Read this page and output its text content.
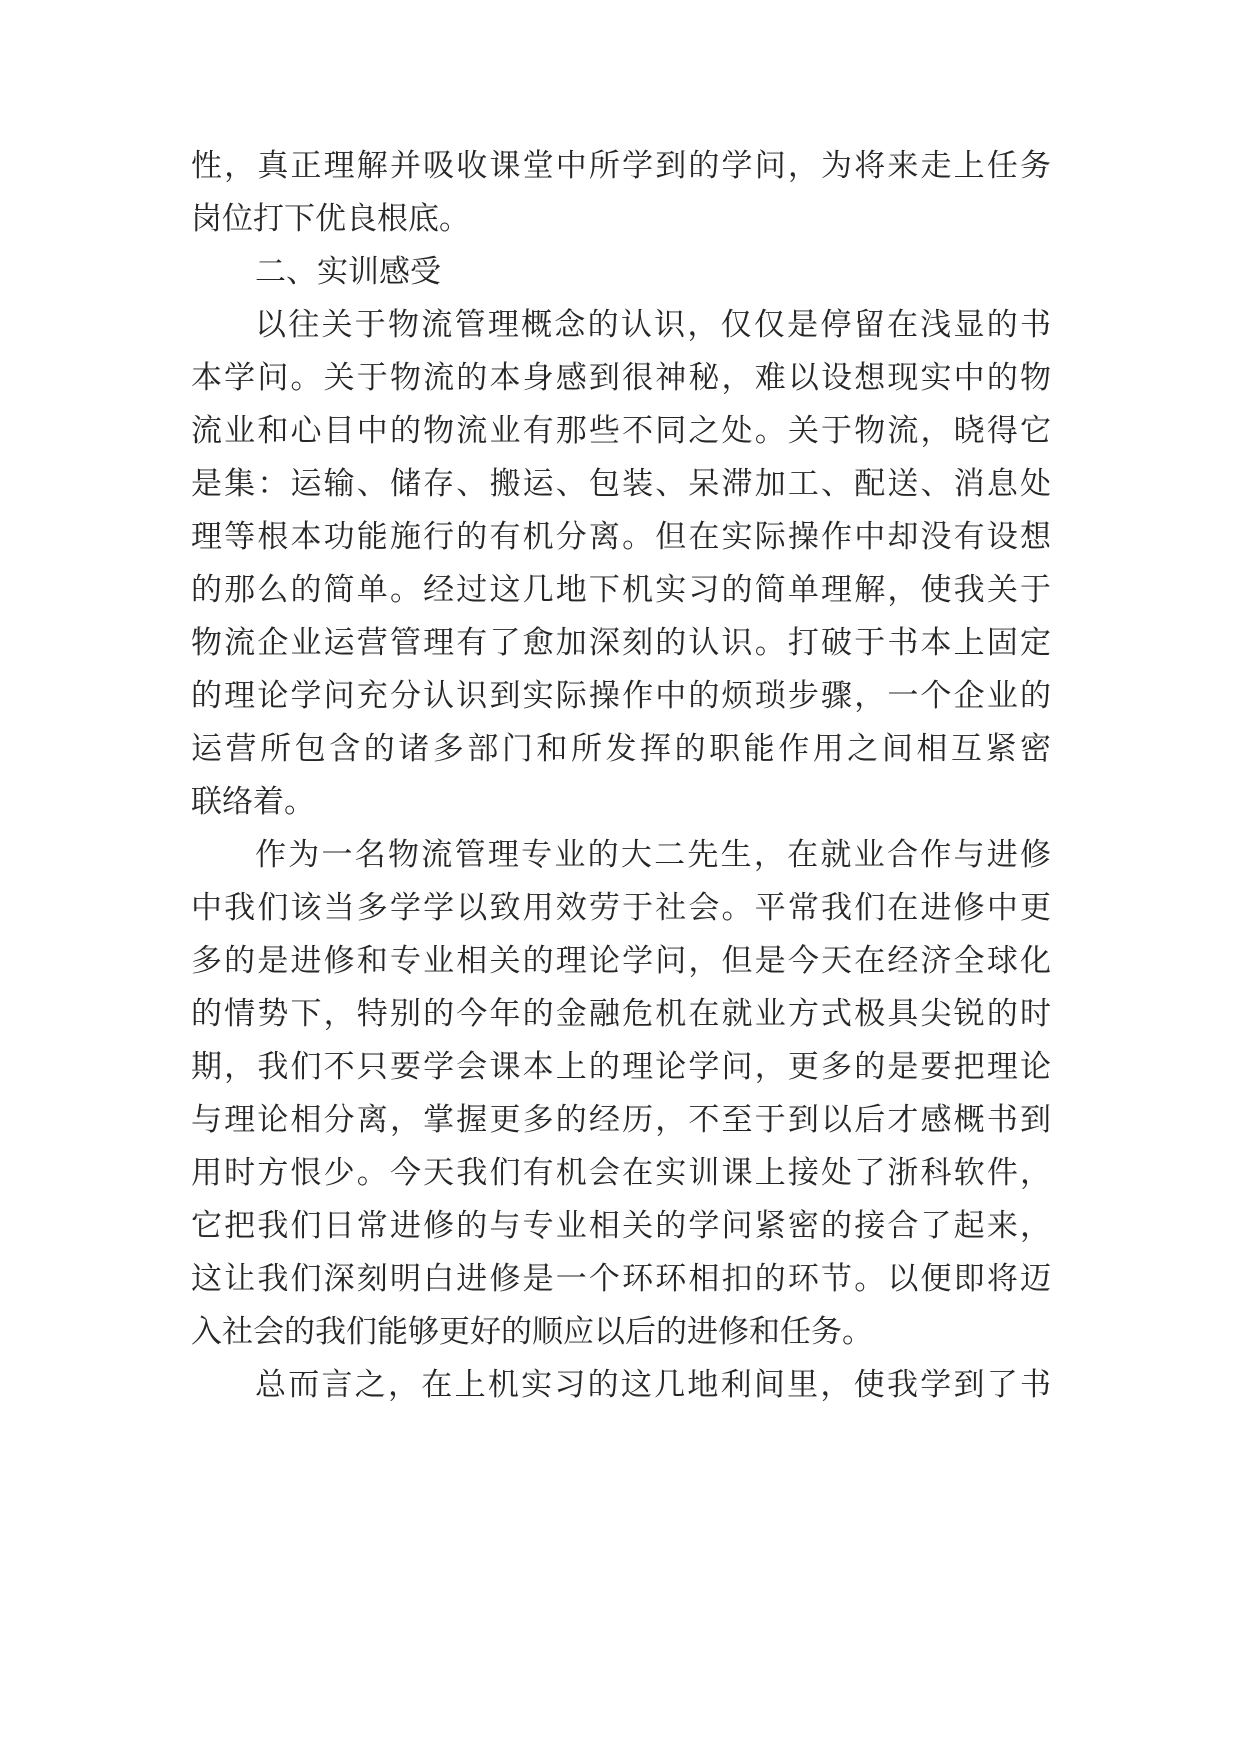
性，真正理解并吸收课堂中所学到的学问，为将来走上任务
岗位打下优良根底。
二、实训感受
以往关于物流管理概念的认识，仅仅是停留在浅显的书
本学问。关于物流的本身感到很神秘，难以设想现实中的物
流业和心目中的物流业有那些不同之处。关于物流，晓得它
是集：运输、储存、搬运、包装、呆滞加工、配送、消息处
理等根本功能施行的有机分离。但在实际操作中却没有设想
的那么的简单。经过这几地下机实习的简单理解，使我关于
物流企业运营管理有了愈加深刻的认识。打破于书本上固定
的理论学问充分认识到实际操作中的烦琐步骤，一个企业的
运营所包含的诸多部门和所发挥的职能作用之间相互紧密
联络着。
作为一名物流管理专业的大二先生，在就业合作与进修
中我们该当多学学以致用效劳于社会。平常我们在进修中更
多的是进修和专业相关的理论学问，但是今天在经济全球化
的情势下，特别的今年的金融危机在就业方式极具尖锐的时
期，我们不只要学会课本上的理论学问，更多的是要把理论
与理论相分离，掌握更多的经历，不至于到以后才感概书到
用时方恨少。今天我们有机会在实训课上接处了浙科软件，
它把我们日常进修的与专业相关的学问紧密的接合了起来，
这让我们深刻明白进修是一个环环相扣的环节。以便即将迈
入社会的我们能够更好的顺应以后的进修和任务。
总而言之，在上机实习的这几地利间里，使我学到了书
